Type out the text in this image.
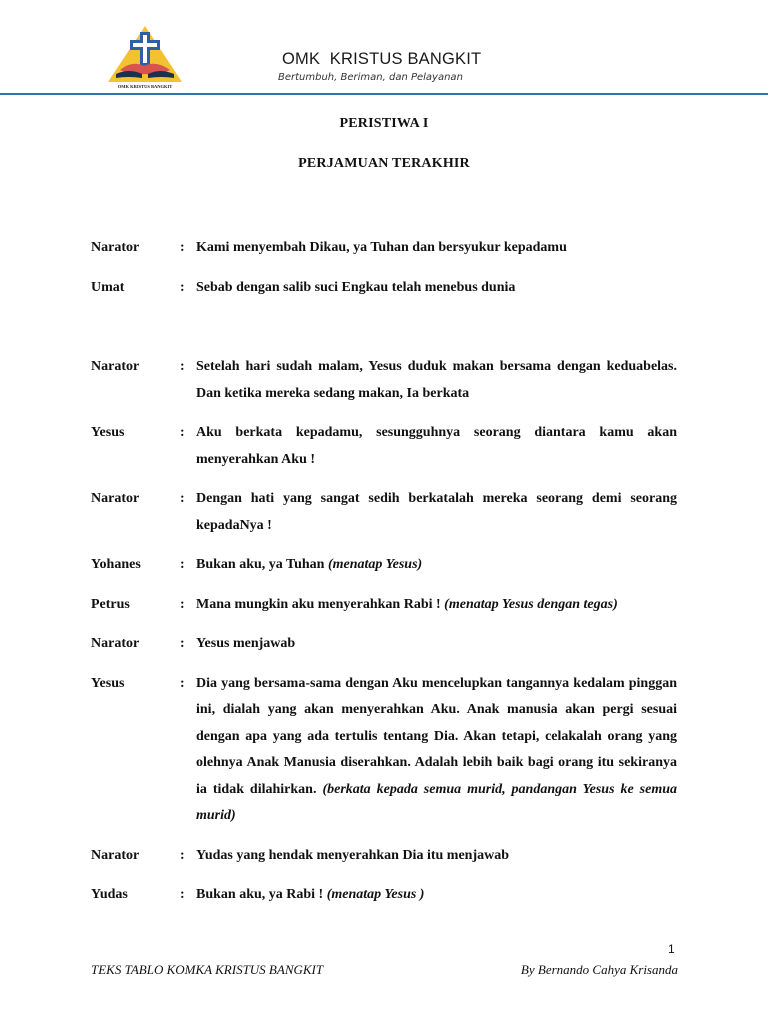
OMK KRISTUS BANGKIT
OMK  KRISTUS BANGKIT
Bertumbuh, Beriman, dan Pelayanan
PERISTIWA I
PERJAMUAN TERAKHIR
Narator	: Kami menyembah Dikau, ya Tuhan dan bersyukur kepadamu
Umat	: Sebab dengan salib suci Engkau telah menebus dunia
Narator	: Setelah hari sudah malam, Yesus duduk makan bersama dengan keduabelas. Dan ketika mereka sedang makan, Ia berkata
Yesus	: Aku berkata kepadamu, sesungguhnya seorang diantara kamu akan menyerahkan Aku !
Narator	: Dengan hati yang sangat sedih berkatalah mereka seorang demi seorang kepadaNya !
Yohanes	: Bukan aku, ya Tuhan (menatap Yesus)
Petrus	: Mana mungkin aku menyerahkan Rabi ! (menatap Yesus dengan tegas)
Narator	: Yesus menjawab
Yesus	: Dia yang bersama-sama dengan Aku mencelupkan tangannya kedalam pinggan ini, dialah yang akan menyerahkan Aku. Anak manusia akan pergi sesuai dengan apa yang ada tertulis tentang Dia. Akan tetapi, celakalah orang yang olehnya Anak Manusia diserahkan. Adalah lebih baik bagi orang itu sekiranya ia tidak dilahirkan. (berkata kepada semua murid, pandangan Yesus ke semua murid)
Narator	: Yudas yang hendak menyerahkan Dia itu menjawab
Yudas	: Bukan aku, ya Rabi ! (menatap Yesus )
1
TEKS TABLO KOMKA KRISTUS BANGKIT	By Bernando Cahya Krisanda
